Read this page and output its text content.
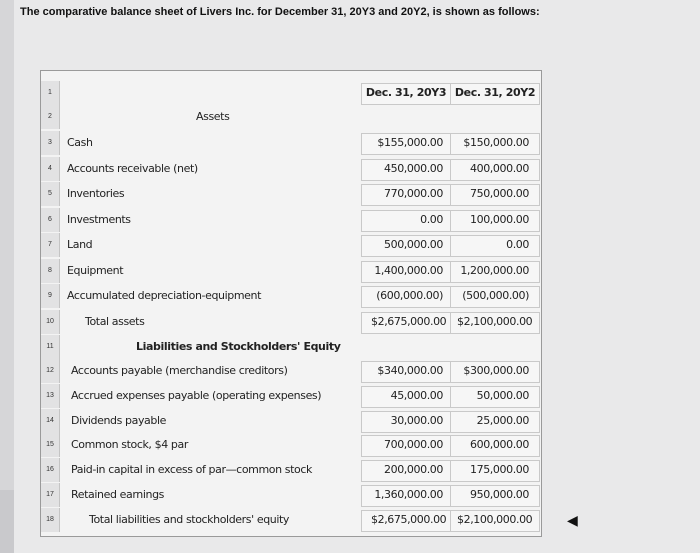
The comparative balance sheet of Livers Inc. for December 31, 20Y3 and 20Y2, is shown as follows:
1	Dec. 31, 20Y3 Dec. 31, 20Y2
2	Assets
3	Cash	$155,000.00	$150,000.00
4	Accounts receivable (net)	450,000.00	400,000.00
5	Inventories	770,000.00	750,000.00
6	Investments	0.00	100,000.00
7	Land	500,000.00	0.00
8	Equipment	1,400,000.00	1,200,000.00
9	Accumulated depreciation-equipment	(600,000.00)	(500,000.00)
10	Total assets	$2,675,000.00 $2,100,000.00
11	Liabilities and Stockholders' Equity
12	Accounts payable (merchandise creditors)	$340,000.00	$300,000.00
13	Accrued expenses payable (operating expenses)	45,000.00	50,000.00
14	Dividends payable	30,000.00	25,000.00
15	Common stock, $4 par	700,000.00	600,000.00
16	Paid-in capital in excess of par—common stock	200,000.00	175,000.00
17	Retained earnings	1,360,000.00	950,000.00
18	Total liabilities and stockholders' equity	$2,675,000.00 $2,100,000.00 ◀
